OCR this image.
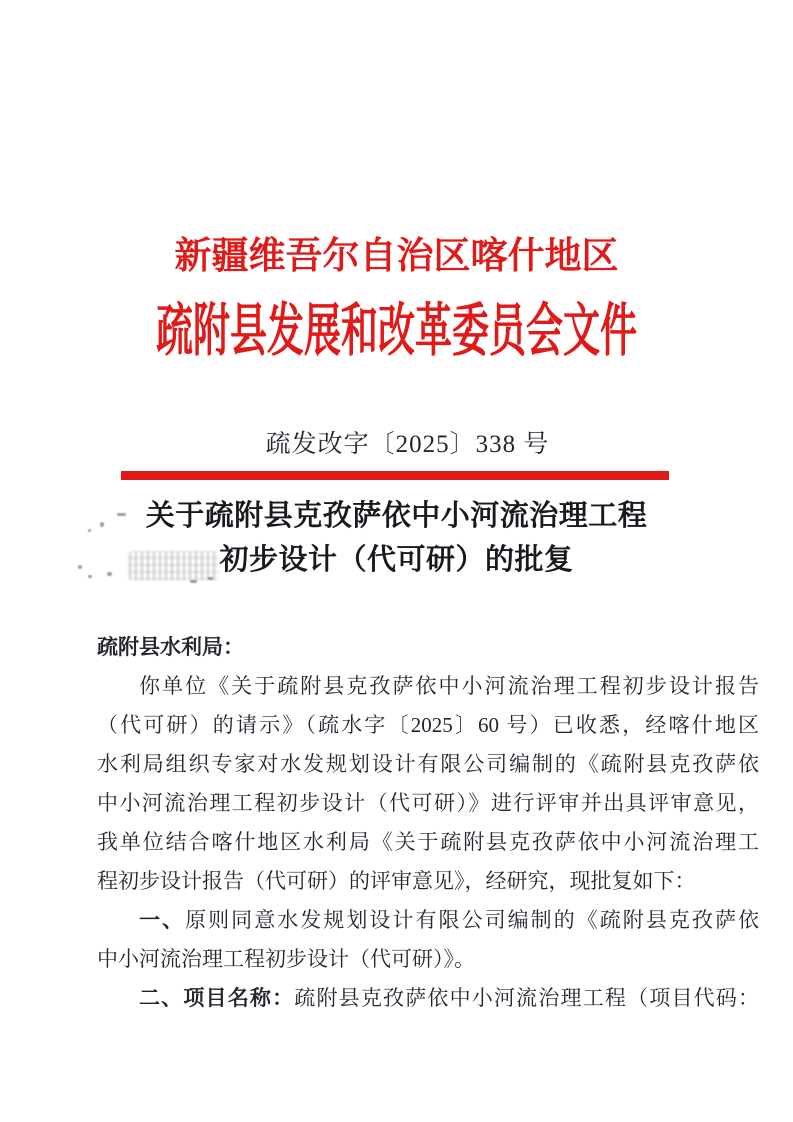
新疆维吾尔自治区喀什地区
疏附县发展和改革委员会文件
疏发改字〔2025〕338 号
关于疏附县克孜萨依中小河流治理工程
初步设计（代可研）的批复
疏附县水利局：
你单位《关于疏附县克孜萨依中小河流治理工程初步设计报告
（代可研）的请示》（疏水字〔2025〕60 号）已收悉，经喀什地区
水利局组织专家对水发规划设计有限公司编制的《疏附县克孜萨依
中小河流治理工程初步设计（代可研）》进行评审并出具评审意见，
我单位结合喀什地区水利局《关于疏附县克孜萨依中小河流治理工
程初步设计报告（代可研）的评审意见》，经研究，现批复如下：
一、原则同意水发规划设计有限公司编制的《疏附县克孜萨依
中小河流治理工程初步设计（代可研）》。
二、项目名称：疏附县克孜萨依中小河流治理工程（项目代码：
